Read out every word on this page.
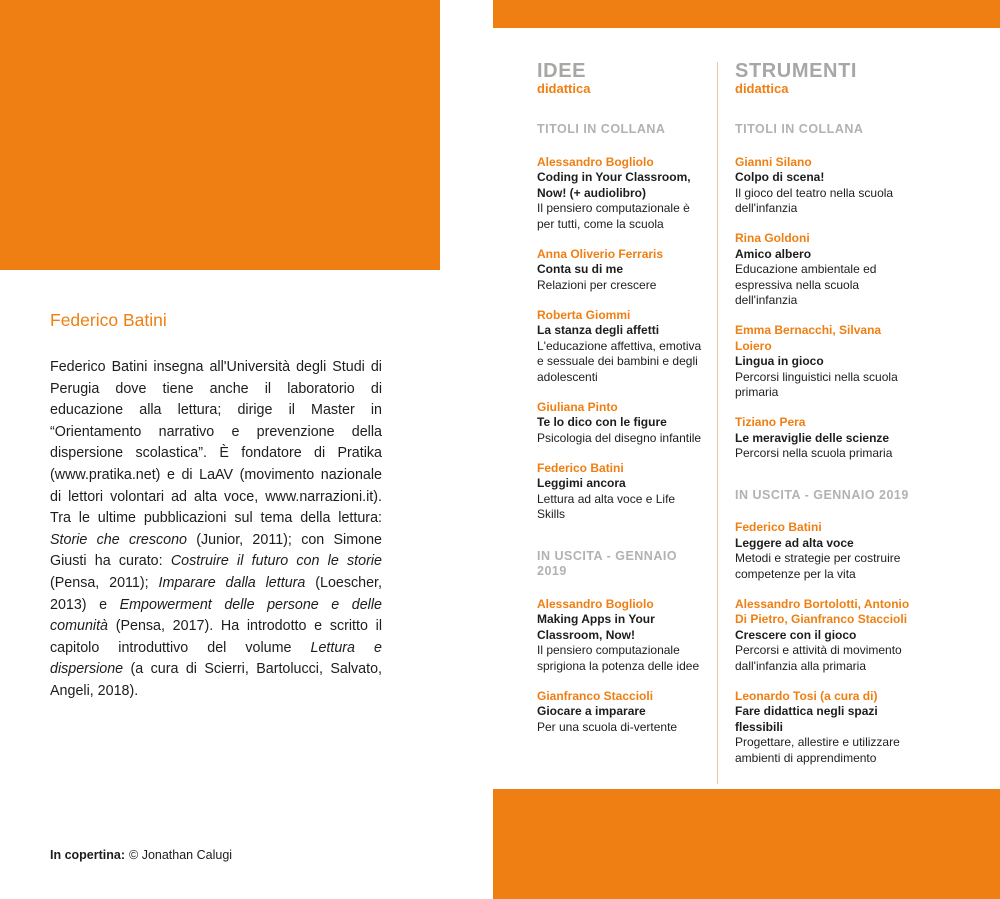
Federico Batini

Federico Batini insegna all'Università degli Studi di Perugia dove tiene anche il laboratorio di educazione alla lettura; dirige il Master in “Orientamento narrativo e prevenzione della dispersione scolastica”. È fondatore di Pratika (www.pratika.net) e di LaAV (movimento nazionale di lettori volontari ad alta voce, www.narrazioni.it). Tra le ultime pubblicazioni sul tema della lettura: Storie che crescono (Junior, 2011); con Simone Giusti ha curato: Costruire il futuro con le storie (Pensa, 2011); Imparare dalla lettura (Loescher, 2013) e Empowerment delle persone e delle comunità (Pensa, 2017). Ha introdotto e scritto il capitolo introduttivo del volume Lettura e dispersione (a cura di Scierri, Bartolucci, Salvato, Angeli, 2018).

In copertina: © Jonathan Calugi

IDEE
didattica
TITOLI IN COLLANA
Alessandro Bogliolo
Coding in Your Classroom, Now! (+ audiolibro)
Il pensiero computazionale è per tutti, come la scuola
Anna Oliverio Ferraris
Conta su di me
Relazioni per crescere
Roberta Giommi
La stanza degli affetti
L'educazione affettiva, emotiva e sessuale dei bambini e degli adolescenti
Giuliana Pinto
Te lo dico con le figure
Psicologia del disegno infantile
Federico Batini
Leggimi ancora
Lettura ad alta voce e Life Skills
IN USCITA - GENNAIO 2019
Alessandro Bogliolo
Making Apps in Your Classroom, Now!
Il pensiero computazionale sprigiona la potenza delle idee
Gianfranco Staccioli
Giocare a imparare
Per una scuola di-vertente
STRUMENTI
didattica
TITOLI IN COLLANA
Gianni Silano
Colpo di scena!
Il gioco del teatro nella scuola dell'infanzia
Rina Goldoni
Amico albero
Educazione ambientale ed espressiva nella scuola dell'infanzia
Emma Bernacchi, Silvana Loiero
Lingua in gioco
Percorsi linguistici nella scuola primaria
Tiziano Pera
Le meraviglie delle scienze
Percorsi nella scuola primaria
IN USCITA - GENNAIO 2019
Federico Batini
Leggere ad alta voce
Metodi e strategie per costruire competenze per la vita
Alessandro Bortolotti, Antonio Di Pietro, Gianfranco Staccioli
Crescere con il gioco
Percorsi e attività di movimento dall'infanzia alla primaria
Leonardo Tosi (a cura di)
Fare didattica negli spazi flessibili
Progettare, allestire e utilizzare ambienti di apprendimento
